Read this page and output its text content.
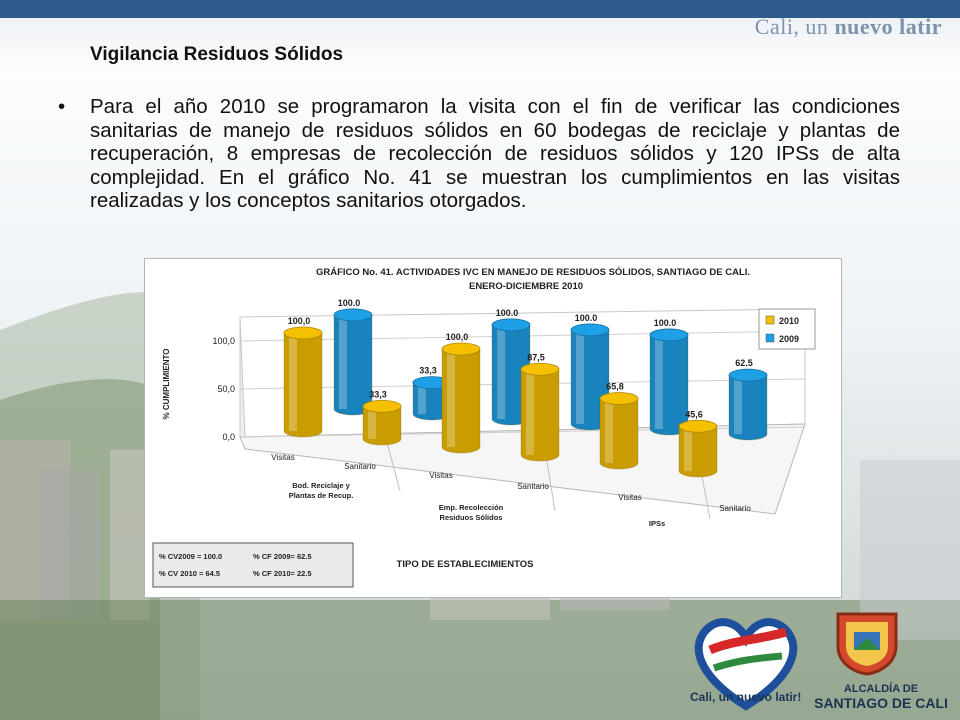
Cali, un nuevo latir
Vigilancia Residuos Sólidos
• Para el año 2010 se programaron la visita con el fin de verificar las condiciones sanitarias de manejo de residuos sólidos en 60 bodegas de reciclaje y plantas de recuperación, 8 empresas de recolección de residuos sólidos y 120 IPSs de alta complejidad. En el gráfico No. 41 se muestran los cumplimientos en las visitas realizadas y los conceptos sanitarios otorgados.
GRÁFICO No. 41. ACTIVIDADES IVC EN MANEJO DE RESIDUOS SÓLIDOS, SANTIAGO DE CALI.
ENERO-DICIEMBRE 2010
% CUMPLIMIENTO
TIPO DE ESTABLECIMIENTOS
0,0
50,0
100,0
100.0
33,3
100.0	100.0	100.0
62.5
100,0
33,3
100,0
87,5
65,8
45,6
Visitas
Sanitario
Visitas
Sanitario
Visitas
Sanitario
Bod. Reciclaje y Plantas de Recup.
Emp. Recolección Residuos Sólidos
IPSs
2010
2009
% CV2009 = 100.0	% CF 2009= 62.5
% CV 2010 = 64.5	% CF 2010= 22.5
Cali, un nuevo latir!
ALCALDÍA DE
SANTIAGO DE CALI
